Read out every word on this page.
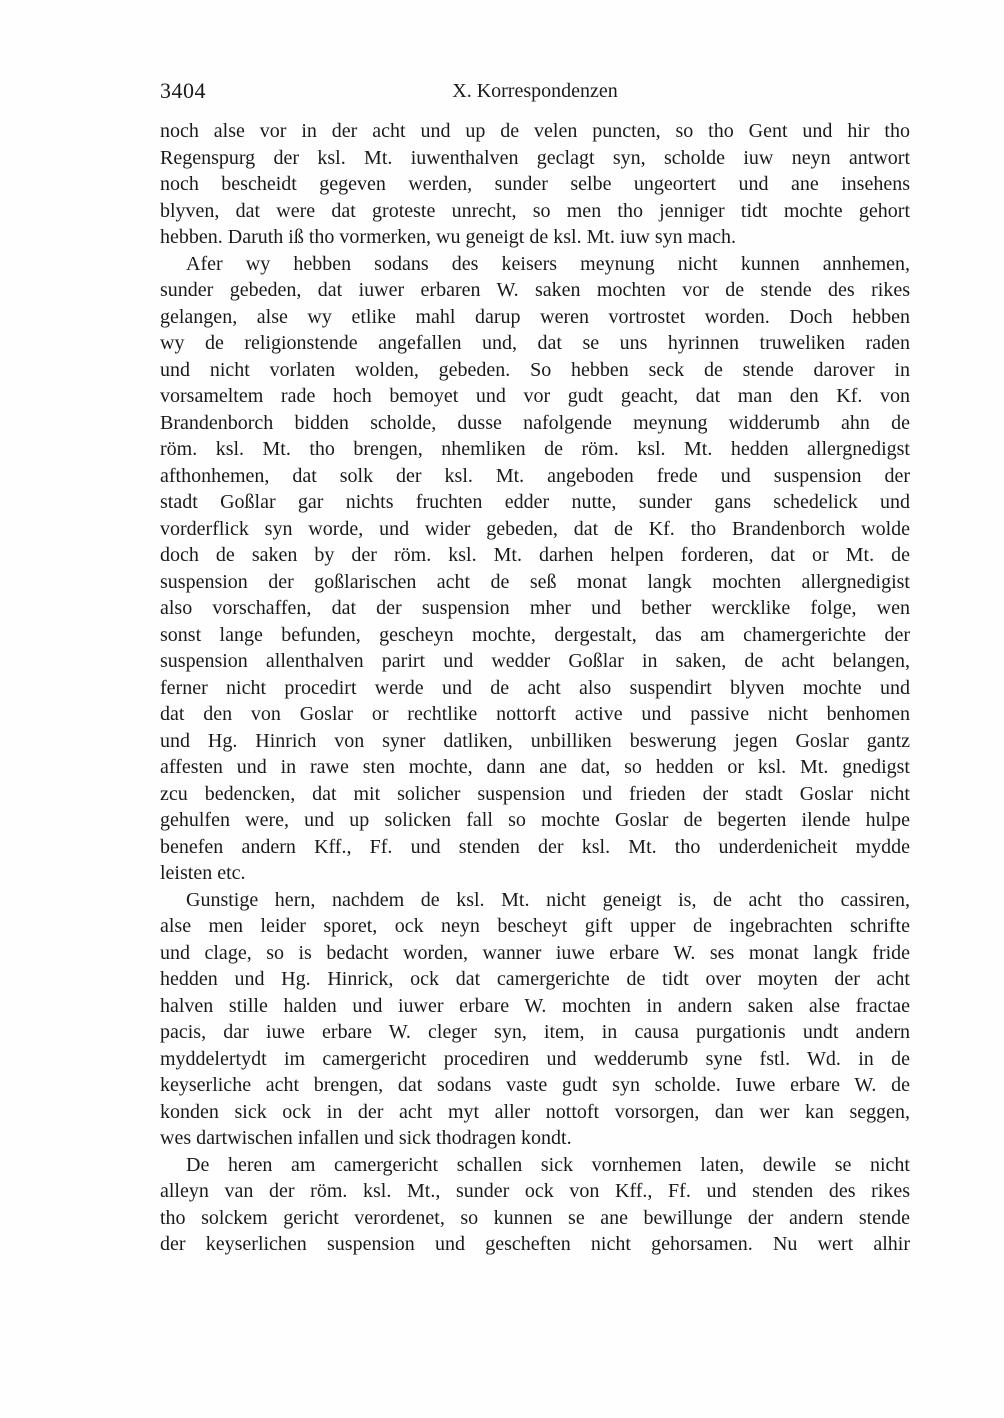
3404	X. Korrespondenzen
noch alse vor in der acht und up de velen puncten, so tho Gent und hir tho
Regenspurg der ksl. Mt. iuwenthalven geclagt syn, scholde iuw neyn antwort
noch bescheidt gegeven werden, sunder selbe ungeortert und ane insehens
blyven, dat were dat groteste unrecht, so men tho jenniger tidt mochte gehort
hebben. Daruth iß tho vormerken, wu geneigt de ksl. Mt. iuw syn mach.
Afer wy hebben sodans des keisers meynung nicht kunnen annhemen,
sunder gebeden, dat iuwer erbaren W. saken mochten vor de stende des rikes
gelangen, alse wy etlike mahl darup weren vortrostet worden. Doch hebben
wy de religionstende angefallen und, dat se uns hyrinnen truweliken raden
und nicht vorlaten wolden, gebeden. So hebben seck de stende darover in
vorsameltem rade hoch bemoyet und vor gudt geacht, dat man den Kf. von
Brandenborch bidden scholde, dusse nafolgende meynung widderumb ahn de
röm. ksl. Mt. tho brengen, nhemliken de röm. ksl. Mt. hedden allergnedigst
afthonhemen, dat solk der ksl. Mt. angeboden frede und suspension der
stadt Goßlar gar nichts fruchten edder nutte, sunder gans schedelick und
vorderflick syn worde, und wider gebeden, dat de Kf. tho Brandenborch wolde
doch de saken by der röm. ksl. Mt. darhen helpen forderen, dat or Mt. de
suspension der goßlarischen acht de seß monat langk mochten allergnedigist
also vorschaffen, dat der suspension mher und bether wercklike folge, wen
sonst lange befunden, gescheyn mochte, dergestalt, das am chamergerichte der
suspension allenthalven parirt und wedder Goßlar in saken, de acht belangen,
ferner nicht procedirt werde und de acht also suspendirt blyven mochte und
dat den von Goslar or rechtlike nottorft active und passive nicht benhomen
und Hg. Hinrich von syner datliken, unbilliken beswerung jegen Goslar gantz
affesten und in rawe sten mochte, dann ane dat, so hedden or ksl. Mt. gnedigst
zcu bedencken, dat mit solicher suspension und frieden der stadt Goslar nicht
gehulfen were, und up solicken fall so mochte Goslar de begerten ilende hulpe
benefen andern Kff., Ff. und stenden der ksl. Mt. tho underdenicheit mydde
leisten etc.
Gunstige hern, nachdem de ksl. Mt. nicht geneigt is, de acht tho cassiren,
alse men leider sporet, ock neyn bescheyt gift upper de ingebrachten schrifte
und clage, so is bedacht worden, wanner iuwe erbare W. ses monat langk fride
hedden und Hg. Hinrick, ock dat camergerichte de tidt over moyten der acht
halven stille halden und iuwer erbare W. mochten in andern saken alse fractae
pacis, dar iuwe erbare W. cleger syn, item, in causa purgationis undt andern
myddelertydt im camergericht procediren und wedderumb syne fstl. Wd. in de
keyserliche acht brengen, dat sodans vaste gudt syn scholde. Iuwe erbare W. de
konden sick ock in der acht myt aller nottoft vorsorgen, dan wer kan seggen,
wes dartwischen infallen und sick thodragen kondt.
De heren am camergericht schallen sick vornhemen laten, dewile se nicht
alleyn van der röm. ksl. Mt., sunder ock von Kff., Ff. und stenden des rikes
tho solckem gericht verordenet, so kunnen se ane bewillunge der andern stende
der keyserlichen suspension und gescheften nicht gehorsamen. Nu wert alhir
